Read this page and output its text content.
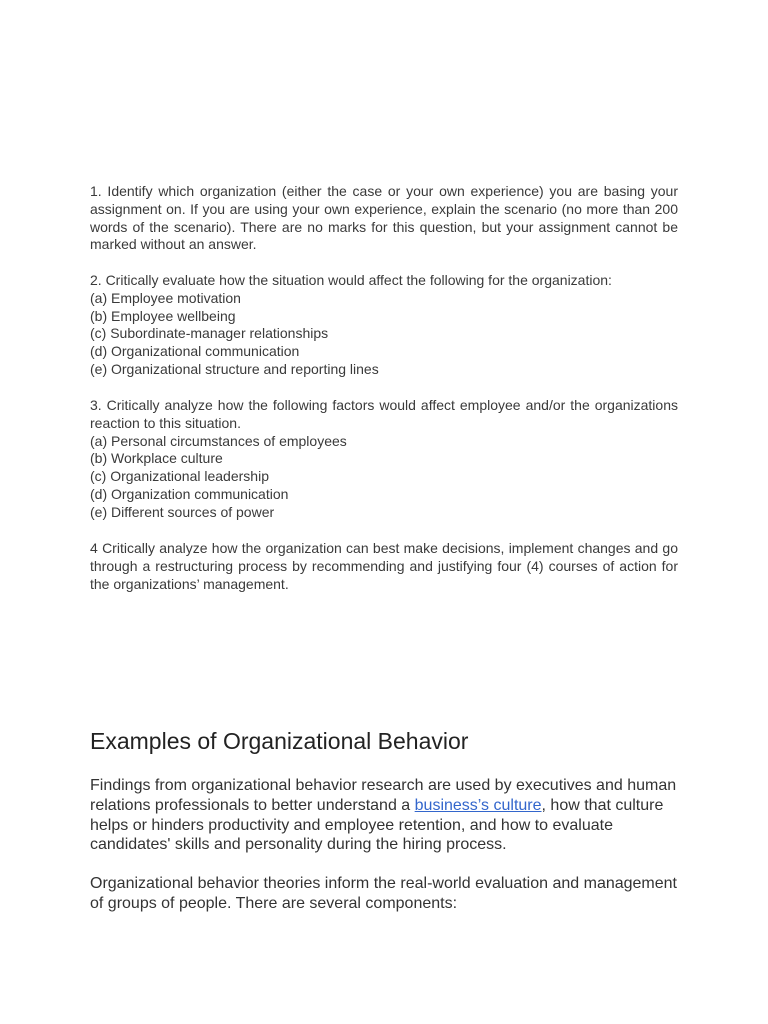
1. Identify which organization (either the case or your own experience) you are basing your assignment on. If you are using your own experience, explain the scenario (no more than 200 words of the scenario). There are no marks for this question, but your assignment cannot be marked without an answer.

2. Critically evaluate how the situation would affect the following for the organization:

(a) Employee motivation

(b) Employee wellbeing

(c) Subordinate-manager relationships

(d) Organizational communication

(e) Organizational structure and reporting lines

3. Critically analyze how the following factors would affect employee and/or the organizations reaction to this situation.

(a) Personal circumstances of employees

(b) Workplace culture

(c) Organizational leadership

(d) Organization communication

(e) Different sources of power

4 Critically analyze how the organization can best make decisions, implement changes and go through a restructuring process by recommending and justifying four (4) courses of action for the organizations’ management.

Examples of Organizational Behavior

Findings from organizational behavior research are used by executives and human relations professionals to better understand a business’s culture, how that culture helps or hinders productivity and employee retention, and how to evaluate candidates' skills and personality during the hiring process.

Organizational behavior theories inform the real-world evaluation and management of groups of people. There are several components:
